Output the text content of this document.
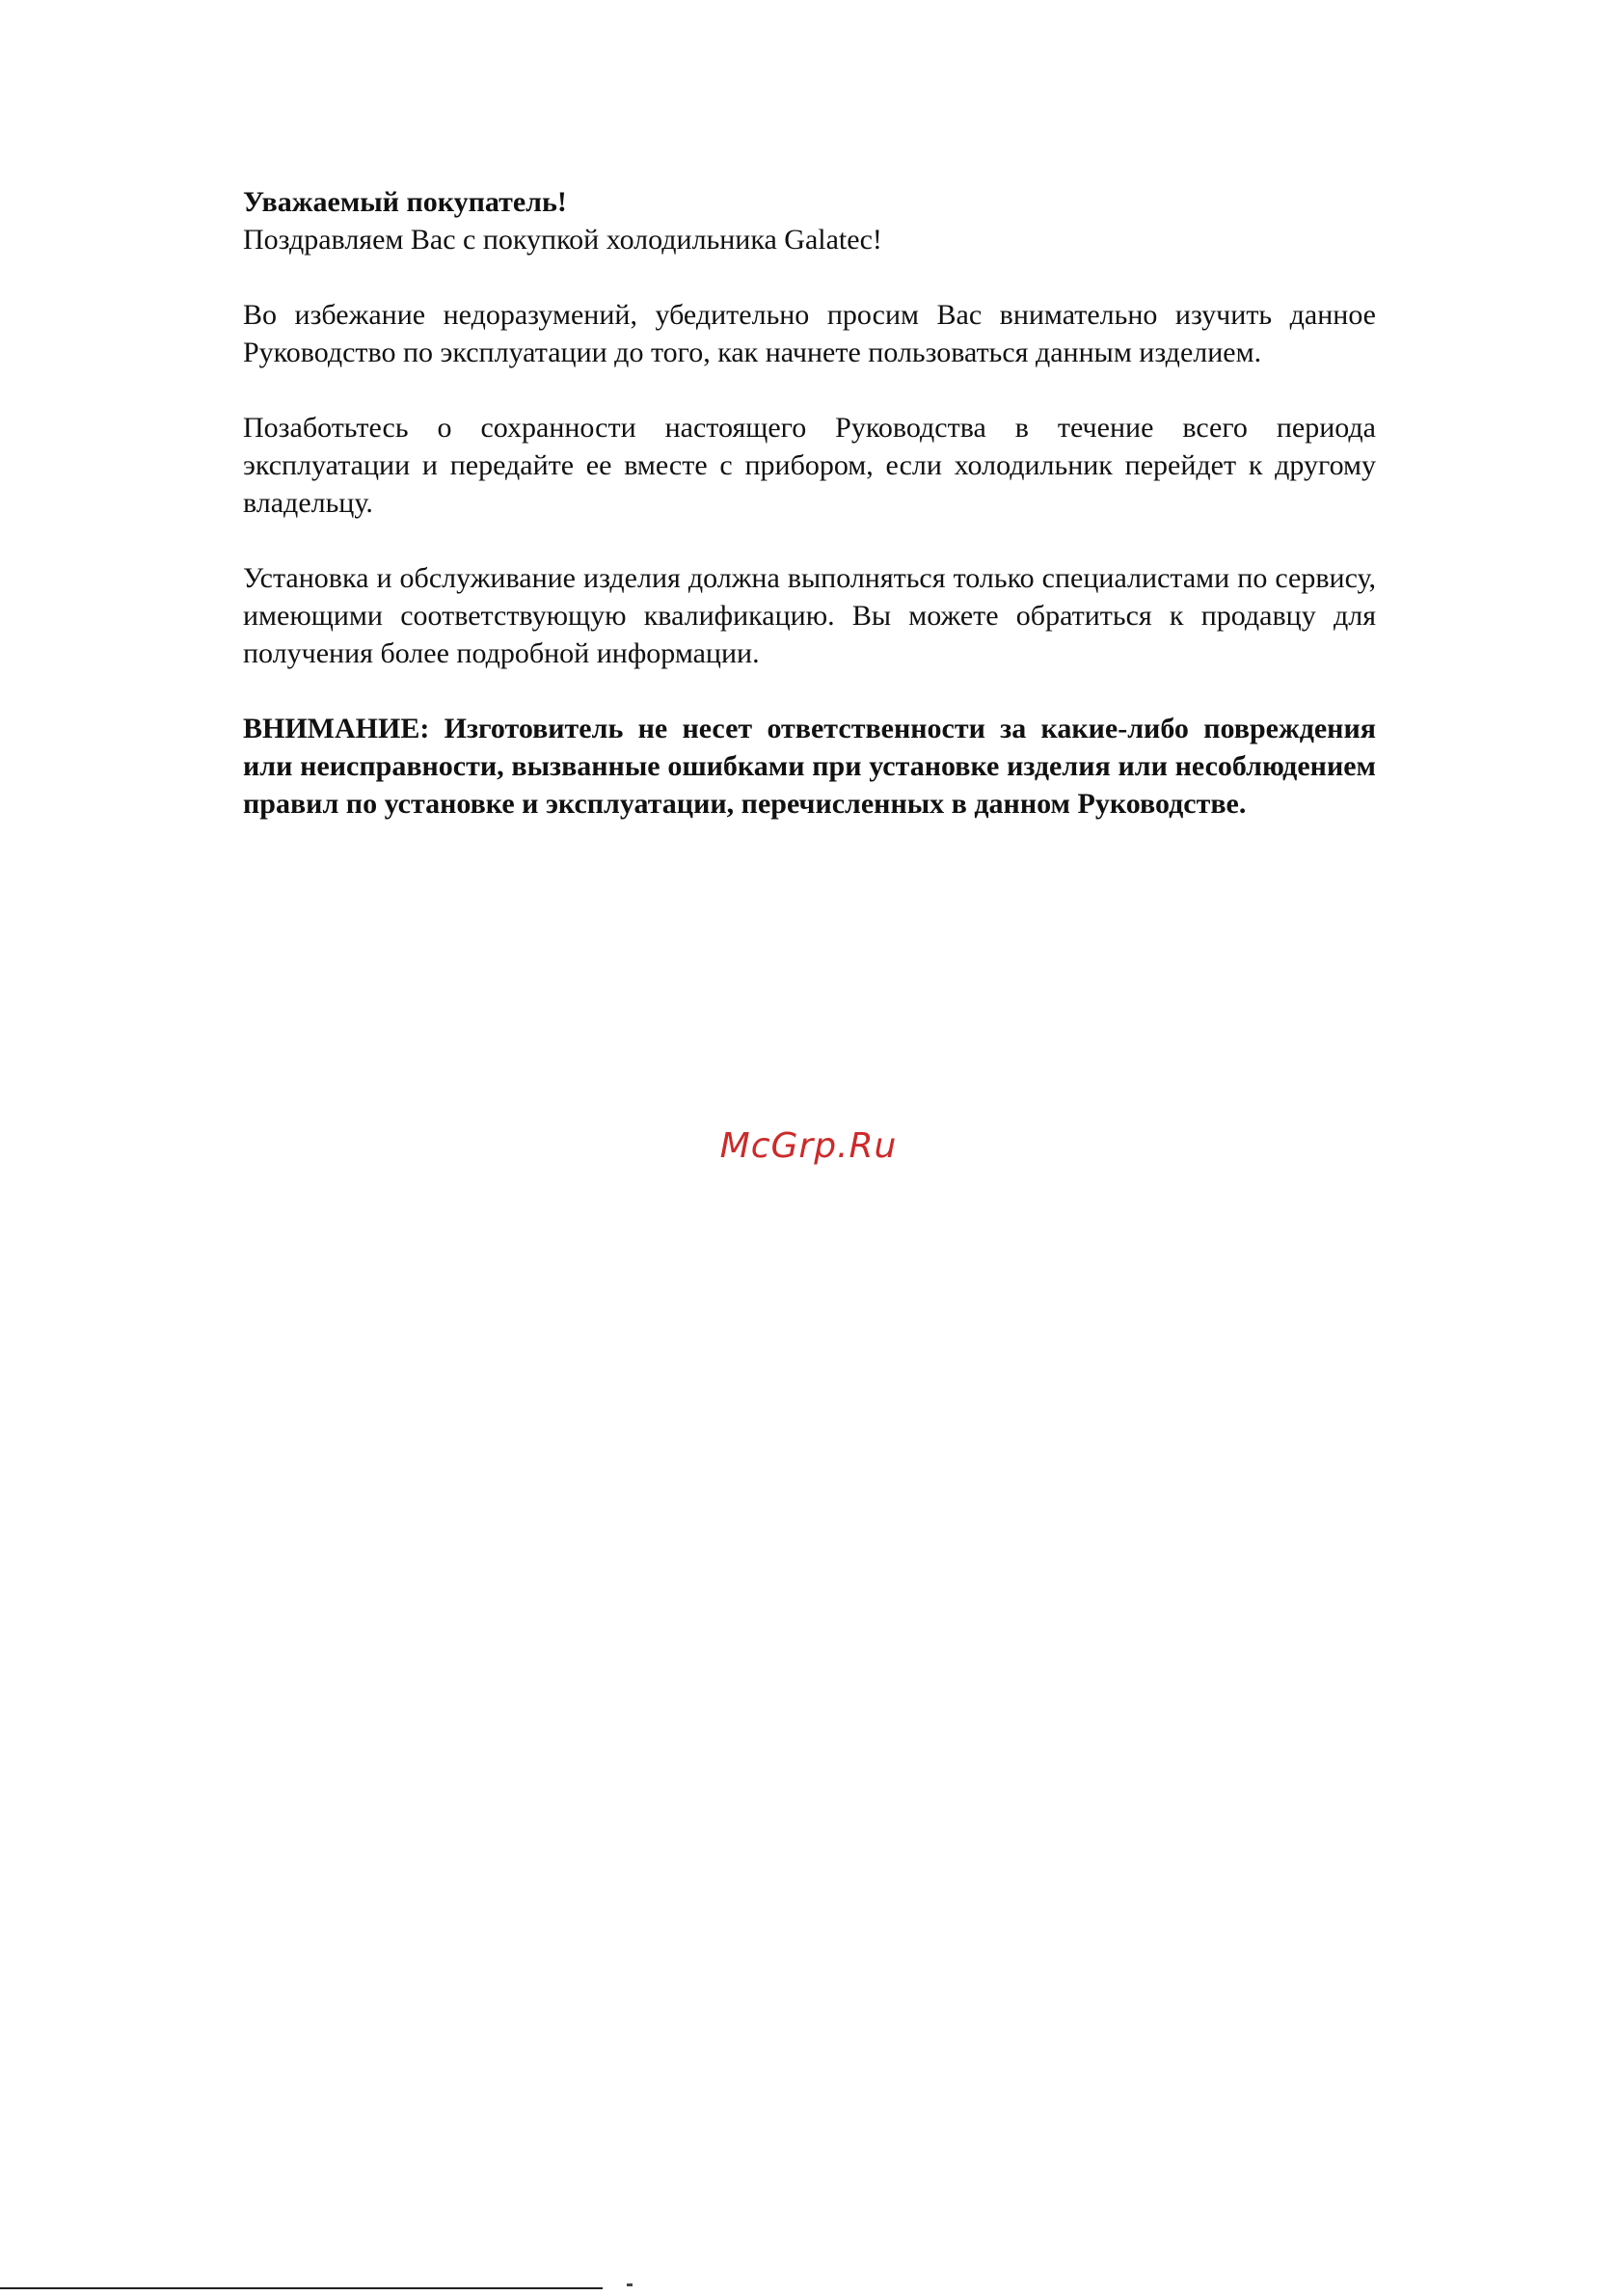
Уважаемый покупатель!

Поздравляем Вас с покупкой холодильника Galatec!

Во избежание недоразумений, убедительно просим Вас внимательно изучить данное Руководство по эксплуатации до того, как начнете пользоваться данным изделием.

Позаботьтесь о сохранности настоящего Руководства в течение всего периода эксплуатации и передайте ее вместе с прибором, если холодильник перейдет к другому владельцу.

Установка и обслуживание изделия должна выполняться только специалистами по сервису, имеющими соответствующую квалификацию. Вы можете обратиться к продавцу для получения более подробной информации.

ВНИМАНИЕ: Изготовитель не несет ответственности за какие-либо повреждения или неисправности, вызванные ошибками при установке изделия или несоблюдением правил по установке и эксплуатации, перечисленных в данном Руководстве.

McGrp.Ru
